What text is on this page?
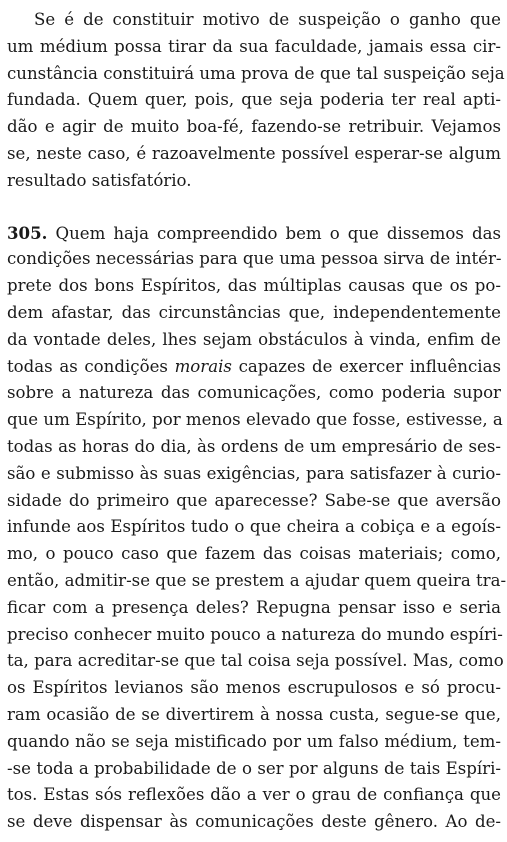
Se é de constituir motivo de suspeição o ganho que
um médium possa tirar da sua faculdade, jamais essa cir-
cunstância constituirá uma prova de que tal suspeição seja
fundada. Quem quer, pois, que seja poderia ter real apti-
dão e agir de muito boa-fé, fazendo-se retribuir. Vejamos
se, neste caso, é razoavelmente possível esperar-se algum
resultado satisfatório.
305. Quem haja compreendido bem o que dissemos das
condições necessárias para que uma pessoa sirva de intér-
prete dos bons Espíritos, das múltiplas causas que os po-
dem afastar, das circunstâncias que, independentemente
da vontade deles, lhes sejam obstáculos à vinda, enfim de
todas as condições morais capazes de exercer influências
sobre a natureza das comunicações, como poderia supor
que um Espírito, por menos elevado que fosse, estivesse, a
todas as horas do dia, às ordens de um empresário de ses-
são e submisso às suas exigências, para satisfazer à curio-
sidade do primeiro que aparecesse? Sabe-se que aversão
infunde aos Espíritos tudo o que cheira a cobiça e a egoís-
mo, o pouco caso que fazem das coisas materiais; como,
então, admitir-se que se prestem a ajudar quem queira tra-
ficar com a presença deles? Repugna pensar isso e seria
preciso conhecer muito pouco a natureza do mundo espíri-
ta, para acreditar-se que tal coisa seja possível. Mas, como
os Espíritos levianos são menos escrupulosos e só procu-
ram ocasião de se divertirem à nossa custa, segue-se que,
quando não se seja mistificado por um falso médium, tem-
-se toda a probabilidade de o ser por alguns de tais Espíri-
tos. Estas sós reflexões dão a ver o grau de confiança que
se deve dispensar às comunicações deste gênero. Ao de-
